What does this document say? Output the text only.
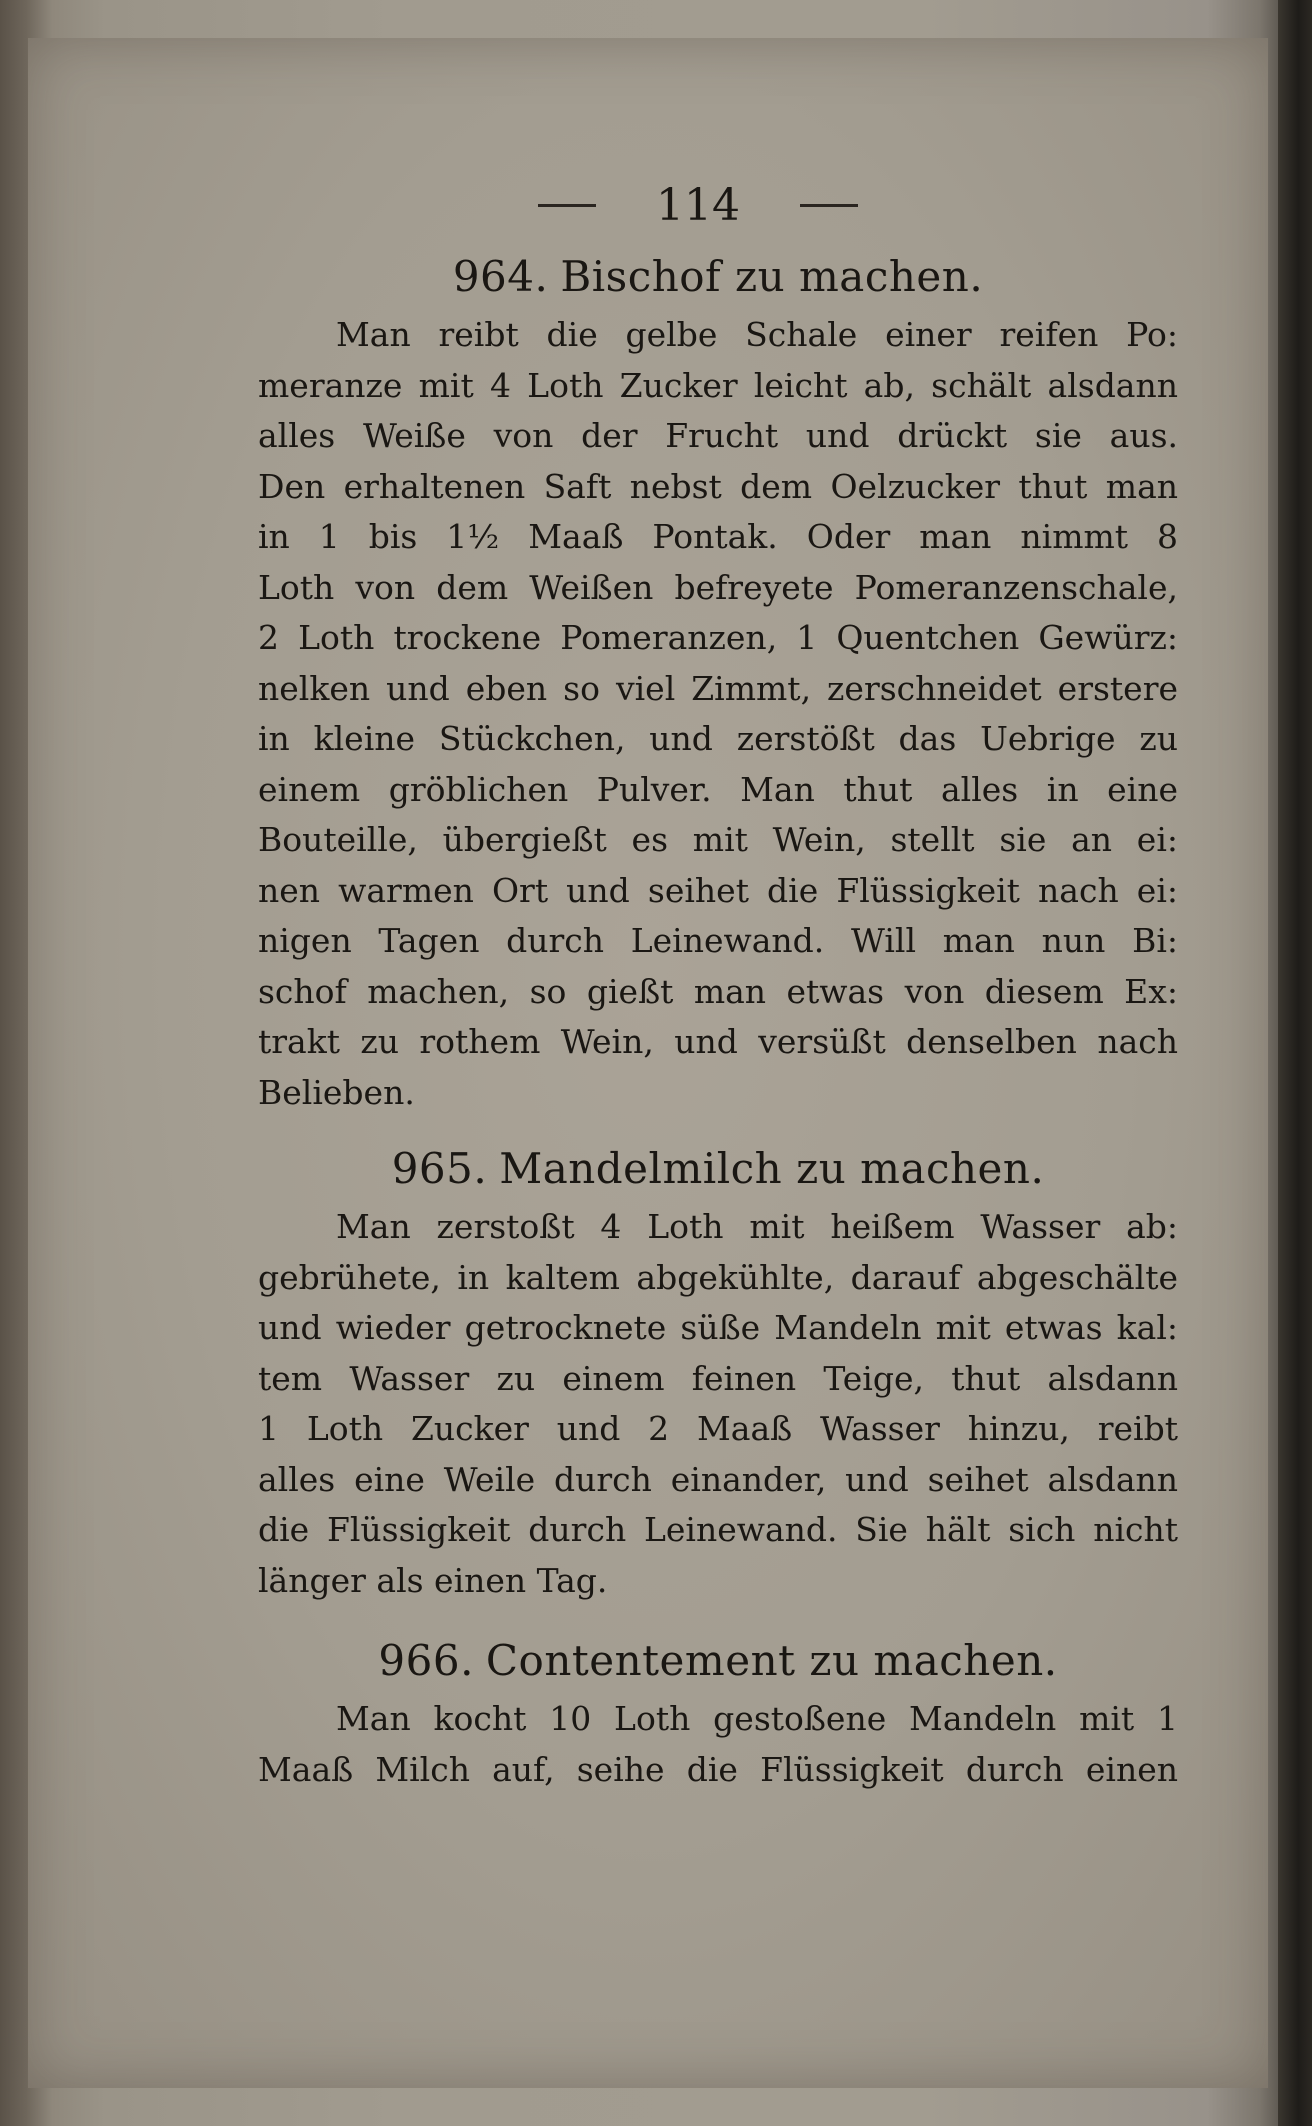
114
964. Bischof zu machen.
Man reibt die gelbe Schale einer reifen Po:
meranze mit 4 Loth Zucker leicht ab, schält alsdann
alles Weiße von der Frucht und drückt sie aus.
Den erhaltenen Saft nebst dem Oelzucker thut man
in 1 bis 1½ Maaß Pontak. Oder man nimmt 8
Loth von dem Weißen befreyete Pomeranzenschale,
2 Loth trockene Pomeranzen, 1 Quentchen Gewürz:
nelken und eben so viel Zimmt, zerschneidet erstere
in kleine Stückchen, und zerstößt das Uebrige zu
einem gröblichen Pulver. Man thut alles in eine
Bouteille, übergießt es mit Wein, stellt sie an ei:
nen warmen Ort und seihet die Flüssigkeit nach ei:
nigen Tagen durch Leinewand. Will man nun Bi:
schof machen, so gießt man etwas von diesem Ex:
trakt zu rothem Wein, und versüßt denselben nach
Belieben.
965. Mandelmilch zu machen.
Man zerstoßt 4 Loth mit heißem Wasser ab:
gebrühete, in kaltem abgekühlte, darauf abgeschälte
und wieder getrocknete süße Mandeln mit etwas kal:
tem Wasser zu einem feinen Teige, thut alsdann
1 Loth Zucker und 2 Maaß Wasser hinzu, reibt
alles eine Weile durch einander, und seihet alsdann
die Flüssigkeit durch Leinewand. Sie hält sich nicht
länger als einen Tag.
966. Contentement zu machen.
Man kocht 10 Loth gestoßene Mandeln mit 1
Maaß Milch auf, seihe die Flüssigkeit durch einen
